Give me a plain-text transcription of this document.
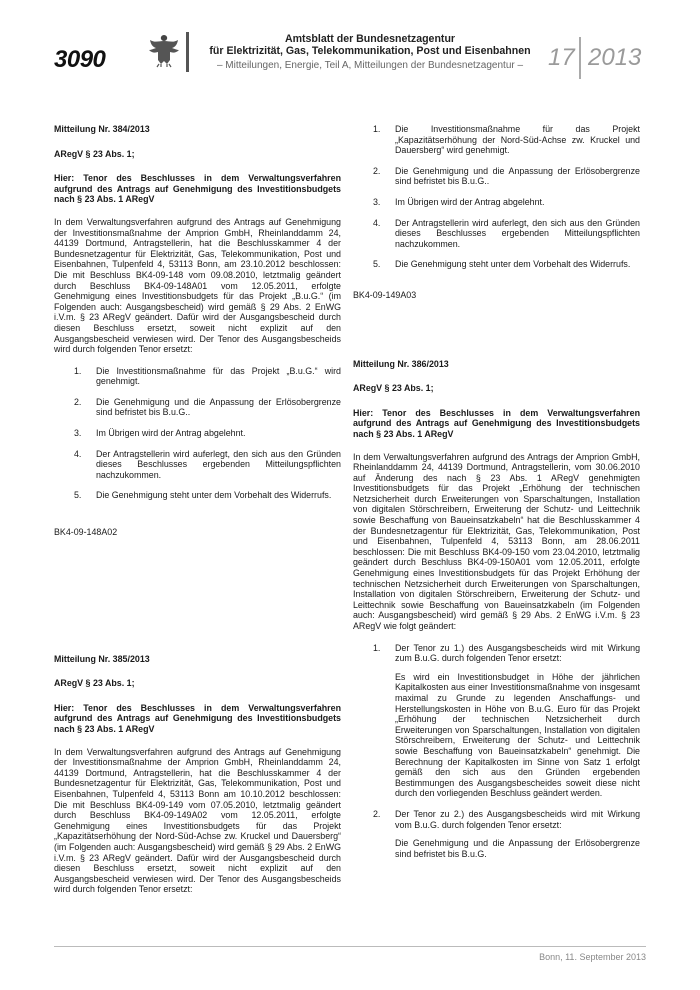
3090
Amtsblatt der Bundesnetzagentur
für Elektrizität, Gas, Telekommunikation, Post und Eisenbahnen
– Mitteilungen, Energie, Teil A, Mitteilungen der Bundesnetzagentur –	17 2013
Mitteilung Nr. 384/2013
ARegV § 23 Abs. 1;
Hier: Tenor des Beschlusses in dem Verwaltungsverfahren aufgrund des Antrags auf Genehmigung des Investitionsbudgets nach § 23 Abs. 1 ARegV
In dem Verwaltungsverfahren aufgrund des Antrags auf Genehmigung der Investitionsmaßnahme der Amprion GmbH, Rheinlanddamm 24, 44139 Dortmund, Antragstellerin, hat die Beschlusskammer 4 der Bundesnetzagentur für Elektrizität, Gas, Telekommunikation, Post und Eisenbahnen, Tulpenfeld 4, 53113 Bonn, am 23.10.2012 beschlossen: Die mit Beschluss BK4-09-148 vom 09.08.2010, letztmalig geändert durch Beschluss BK4-09-148A01 vom 12.05.2011, erfolgte Genehmigung eines Investitionsbudgets für das Projekt „B.u.G.“ (im Folgenden auch: Ausgangsbescheid) wird gemäß § 29 Abs. 2 EnWG i.V.m. § 23 ARegV geändert. Dafür wird der Ausgangsbescheid durch diesen Beschluss ersetzt, soweit nicht explizit auf den Ausgangsbescheid verwiesen wird. Der Tenor des Ausgangsbescheids wird durch folgenden Tenor ersetzt:
1.	Die Investitionsmaßnahme für das Projekt „B.u.G.“ wird genehmigt.
2.	Die Genehmigung und die Anpassung der Erlösobergrenze sind befristet bis B.u.G..
3.	Im Übrigen wird der Antrag abgelehnt.
4.	Der Antragstellerin wird auferlegt, den sich aus den Gründen dieses Beschlusses ergebenden Mitteilungspflichten nachzukommen.
5.	Die Genehmigung steht unter dem Vorbehalt des Widerrufs.
BK4-09-148A02
Mitteilung Nr. 385/2013
ARegV § 23 Abs. 1;
Hier: Tenor des Beschlusses in dem Verwaltungsverfahren aufgrund des Antrags auf Genehmigung des Investitionsbudgets nach § 23 Abs. 1 ARegV
In dem Verwaltungsverfahren aufgrund des Antrags auf Genehmigung der Investitionsmaßnahme der Amprion GmbH, Rheinlanddamm 24, 44139 Dortmund, Antragstellerin, hat die Beschlusskammer 4 der Bundesnetzagentur für Elektrizität, Gas, Telekommunikation, Post und Eisenbahnen, Tulpenfeld 4, 53113 Bonn am 10.10.2012 beschlossen: Die mit Beschluss BK4-09-149 vom 07.05.2010, letztmalig geändert durch Beschluss BK4-09-149A02 vom 12.05.2011, erfolgte Genehmigung eines Investitionsbudgets für das Projekt „Kapazitätserhöhung der Nord-Süd-Achse zw. Kruckel und Dauersberg“ (im Folgenden auch: Ausgangsbescheid) wird gemäß § 29 Abs. 2 EnWG i.V.m. § 23 ARegV geändert. Dafür wird der Ausgangsbescheid durch diesen Beschluss ersetzt, soweit nicht explizit auf den Ausgangsbescheid verwiesen wird. Der Tenor des Ausgangsbescheids wird durch folgenden Tenor ersetzt:
1.	Die Investitionsmaßnahme für das Projekt „Kapazitätserhöhung der Nord-Süd-Achse zw. Kruckel und Dauersberg“ wird genehmigt.
2.	Die Genehmigung und die Anpassung der Erlösobergrenze sind befristet bis B.u.G..
3.	Im Übrigen wird der Antrag abgelehnt.
4.	Der Antragstellerin wird auferlegt, den sich aus den Gründen dieses Beschlusses ergebenden Mitteilungspflichten nachzukommen.
5.	Die Genehmigung steht unter dem Vorbehalt des Widerrufs.
BK4-09-149A03
Mitteilung Nr. 386/2013
ARegV § 23 Abs. 1;
Hier: Tenor des Beschlusses in dem Verwaltungsverfahren aufgrund des Antrags auf Genehmigung des Investitionsbudgets nach § 23 Abs. 1 ARegV
In dem Verwaltungsverfahren aufgrund des Antrags der Amprion GmbH, Rheinlanddamm 24, 44139 Dortmund, Antragstellerin, vom 30.06.2010 auf Änderung des nach § 23 Abs. 1 ARegV genehmigten Investitionsbudgets für das Projekt „Erhöhung der technischen Netzsicherheit durch Erweiterungen von Sparschaltungen, Installation von digitalen Störschreibern, Erweiterung der Schutz- und Leittechnik sowie Beschaffung von Baueinsatzkabeln“ hat die Beschlusskammer 4 der Bundesnetzagentur für Elektrizität, Gas, Telekommunikation, Post und Eisenbahnen, Tulpenfeld 4, 53113 Bonn, am 28.06.2011 beschlossen: Die mit Beschluss BK4-09-150 vom 23.04.2010, letztmalig geändert durch Beschluss BK4-09-150A01 vom 12.05.2011, erfolgte Genehmigung eines Investitionsbudgets für das Projekt Erhöhung der technischen Netzsicherheit durch Erweiterungen von Sparschaltungen, Installation von digitalen Störschreibern, Erweiterung der Schutz- und Leittechnik sowie Beschaffung von Baueinsatzkabeln (im Folgenden auch: Ausgangsbescheid) wird gemäß § 29 Abs. 2 EnWG i.V.m. § 23 ARegV wie folgt geändert:
1.	Der Tenor zu 1.) des Ausgangsbescheids wird mit Wirkung zum B.u.G. durch folgenden Tenor ersetzt:
Es wird ein Investitionsbudget in Höhe der jährlichen Kapitalkosten aus einer Investitionsmaßnahme von insgesamt maximal zu Grunde zu legenden Anschaffungs- und Herstellungskosten in Höhe von B.u.G. Euro für das Projekt „Erhöhung der technischen Netzsicherheit durch Erweiterungen von Sparschaltungen, Installation von digitalen Störschreibern, Erweiterung der Schutz- und Leittechnik sowie Beschaffung von Baueinsatzkabeln“ genehmigt. Die Berechnung der Kapitalkosten im Sinne von Satz 1 erfolgt gemäß den sich aus den Gründen ergebenden Bestimmungen des Ausgangsbescheides soweit diese nicht durch den vorliegenden Beschluss geändert werden.
2.	Der Tenor zu 2.) des Ausgangsbescheids wird mit Wirkung vom B.u.G. durch folgenden Tenor ersetzt:
Die Genehmigung und die Anpassung der Erlösobergrenze sind befristet bis B.u.G.
Bonn, 11. September 2013
